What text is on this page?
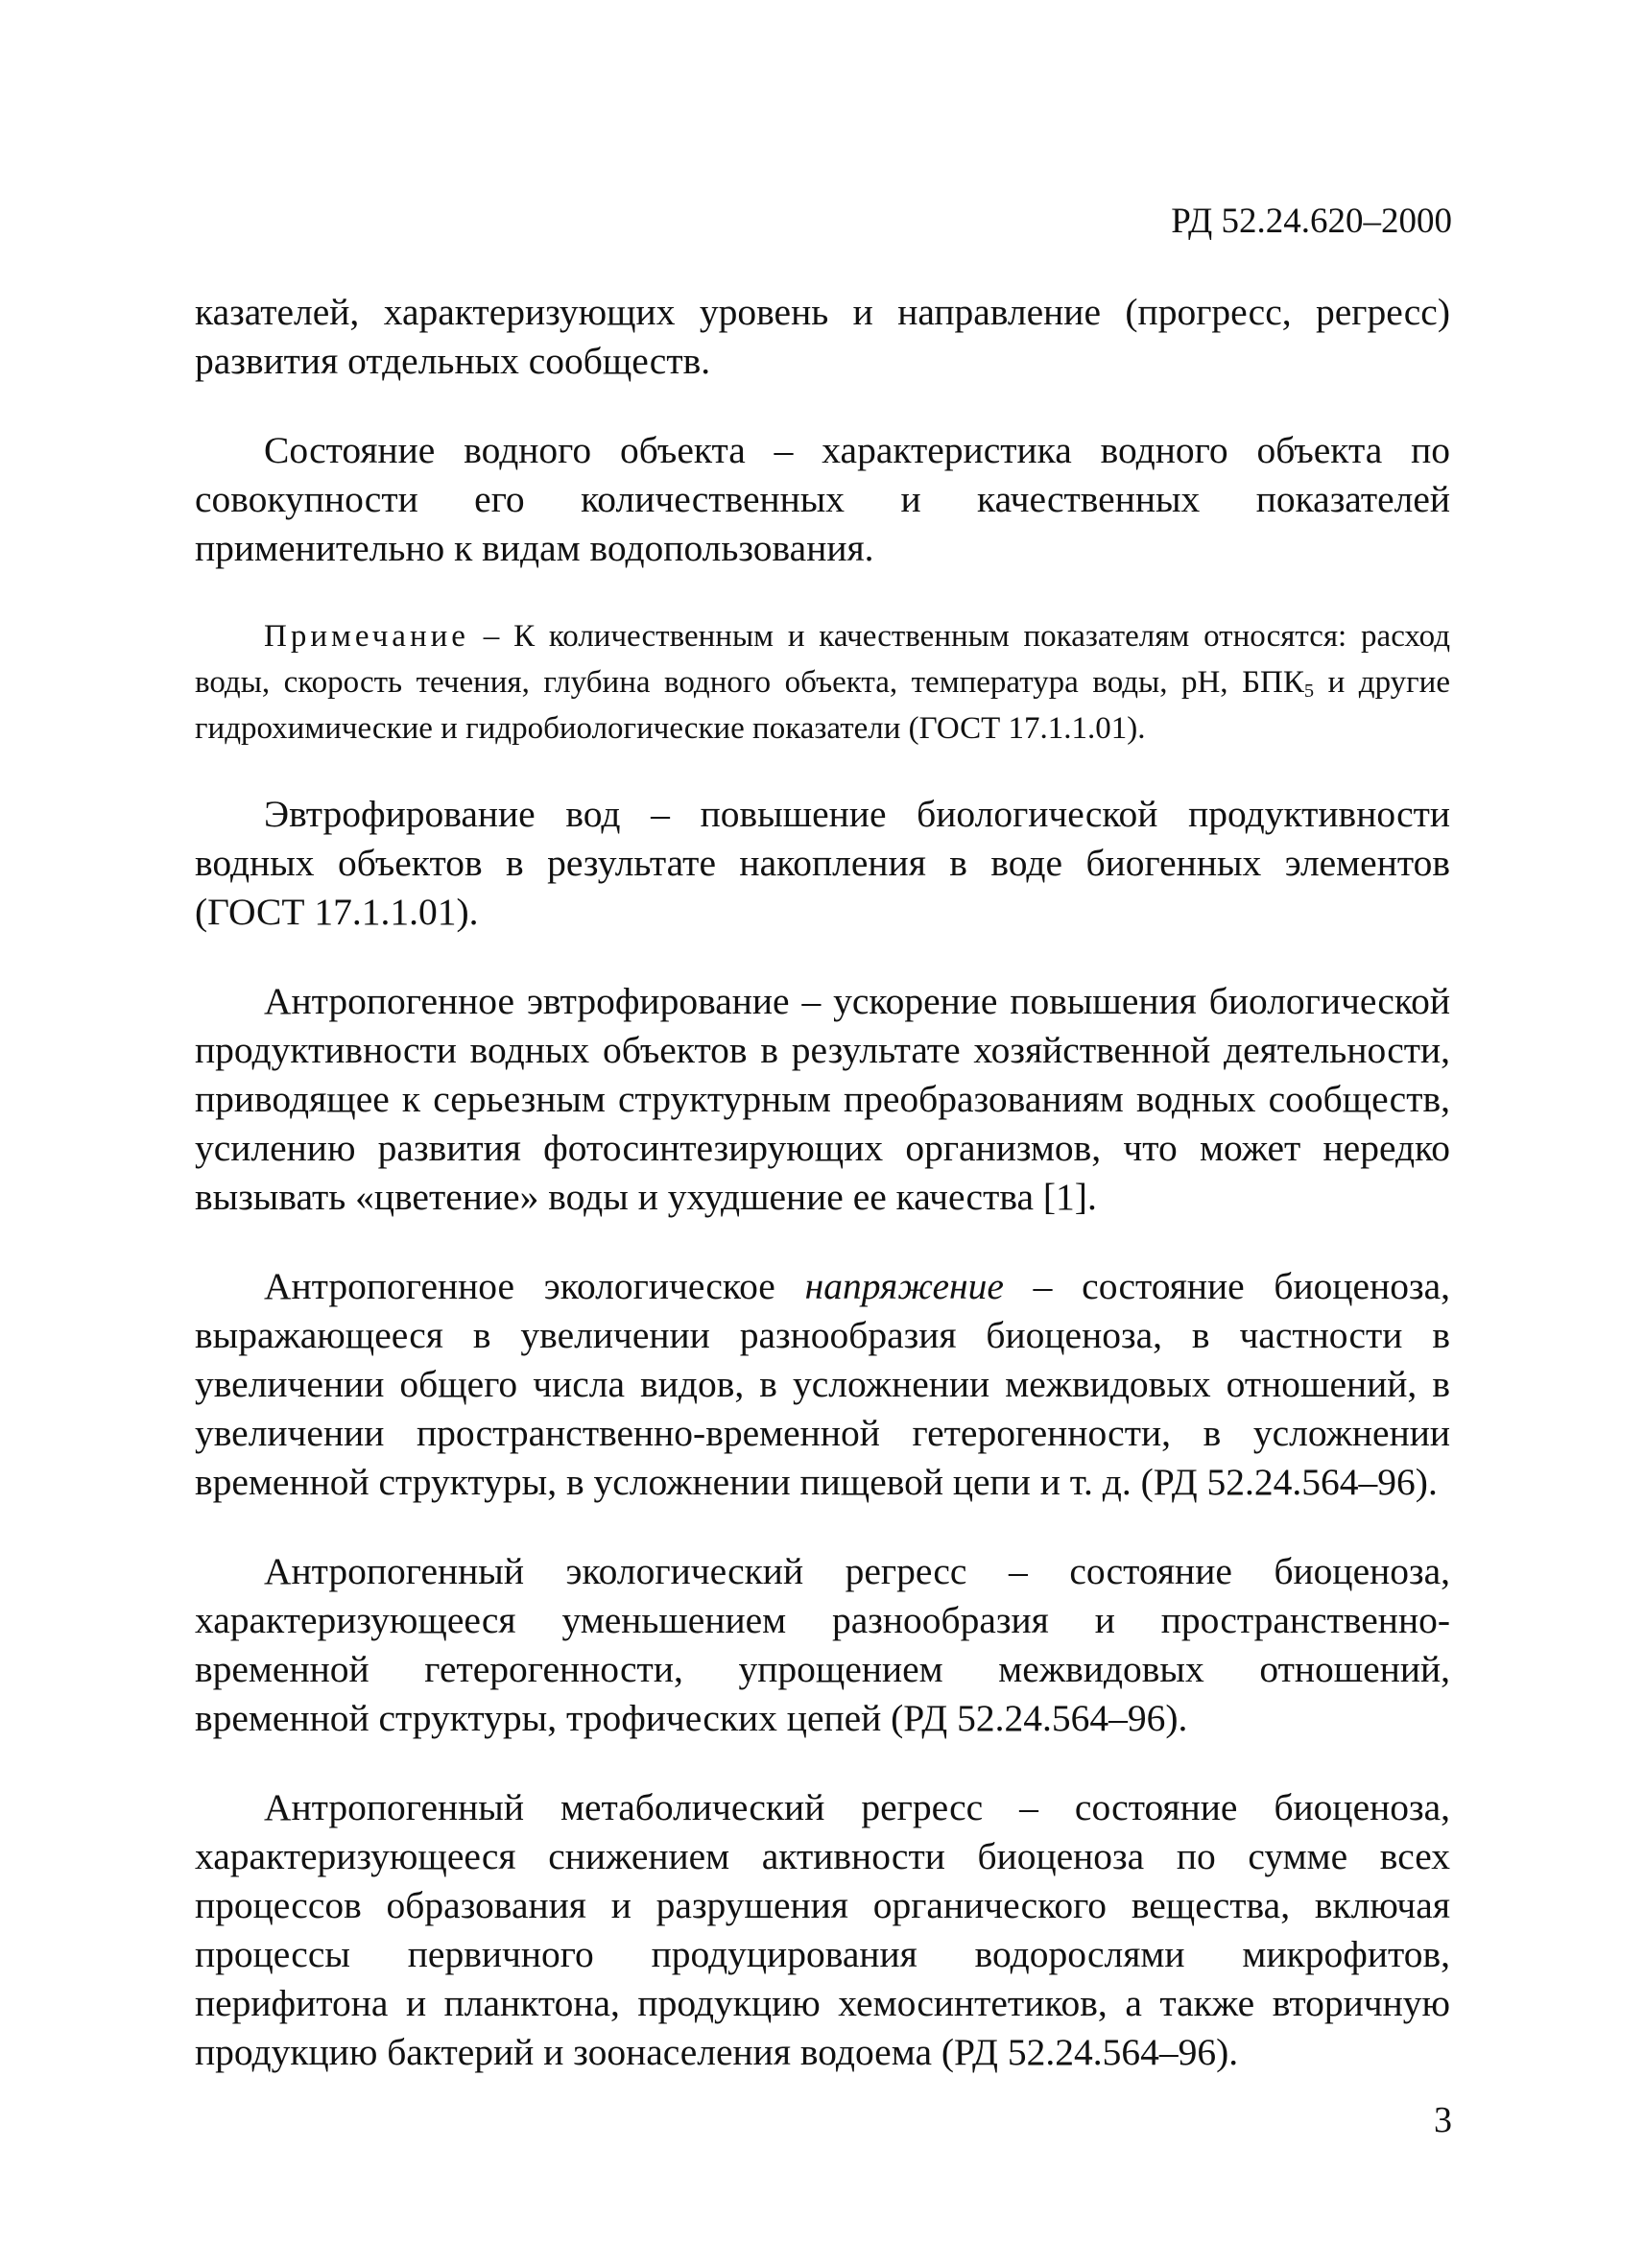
РД 52.24.620–2000

казателей, характеризующих уровень и направление (прогресс, регресс) развития отдельных сообществ.

Состояние водного объекта – характеристика водного объекта по совокупности его количественных и качественных показателей применительно к видам водопользования.

Примечание – К количественным и качественным показателям относятся: расход воды, скорость течения, глубина водного объекта, температура воды, pH, $БПК_5$ и другие гидрохимические и гидробиологические показатели (ГОСТ 17.1.1.01).

Эвтрофирование вод – повышение биологической продуктивности водных объектов в результате накопления в воде биогенных элементов (ГОСТ 17.1.1.01).

Антропогенное эвтрофирование – ускорение повышения биологической продуктивности водных объектов в результате хозяйственной деятельности, приводящее к серьезным структурным преобразованиям водных сообществ, усилению развития фотосинтезирующих организмов, что может нередко вызывать «цветение» воды и ухудшение ее качества [1].

Антропогенное экологическое напряжение – состояние биоценоза, выражающееся в увеличении разнообразия биоценоза, в частности в увеличении общего числа видов, в усложнении межвидовых отношений, в увеличении пространственно-временной гетерогенности, в усложнении временной структуры, в усложнении пищевой цепи и т. д. (РД 52.24.564–96).

Антропогенный экологический регресс – состояние биоценоза, характеризующееся уменьшением разнообразия и пространственно-временной гетерогенности, упрощением межвидовых отношений, временной структуры, трофических цепей (РД 52.24.564–96).

Антропогенный метаболический регресс – состояние биоценоза, характеризующееся снижением активности биоценоза по сумме всех процессов образования и разрушения органического вещества, включая процессы первичного продуцирования водорослями микрофитов, перифитона и планктона, продукцию хемосинтетиков, а также вторичную продукцию бактерий и зоонаселения водоема (РД 52.24.564–96).

3
